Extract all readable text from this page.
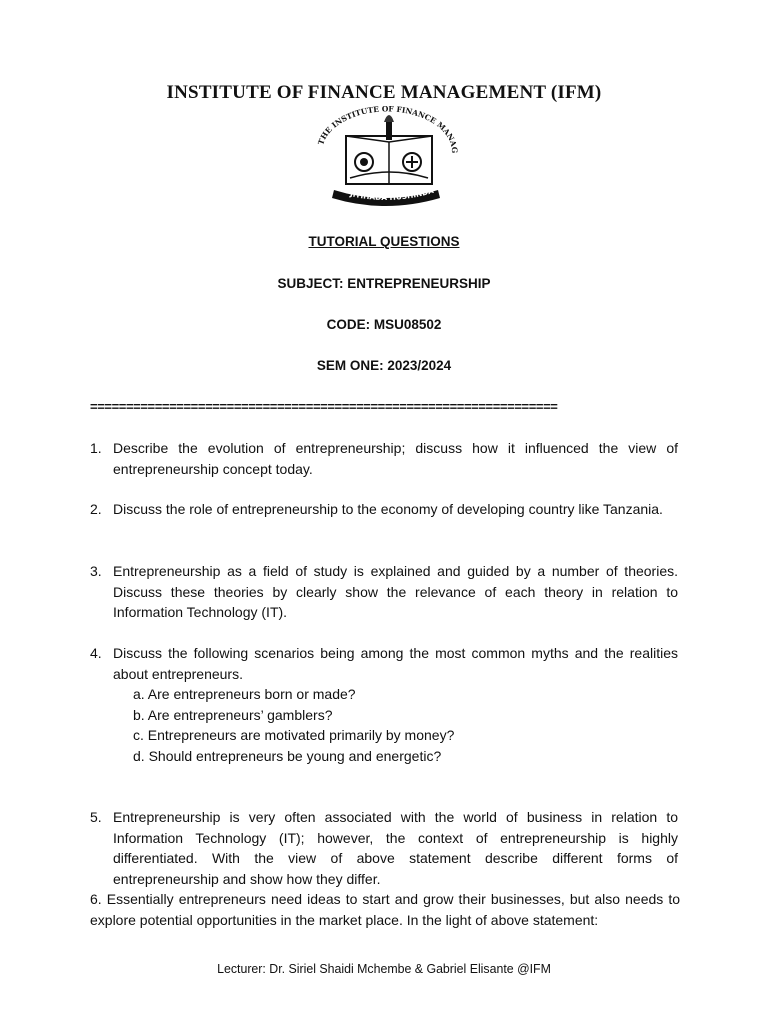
INSTITUTE OF FINANCE MANAGEMENT (IFM)
THE INSTITUTE OF FINANCE MANAG
JITIHADA HUSHINDA
TUTORIAL QUESTIONS
SUBJECT: ENTREPRENEURSHIP
CODE: MSU08502
SEM ONE: 2023/2024
=================================================================
1. Describe the evolution of entrepreneurship; discuss how it influenced the view of entrepreneurship concept today.
2. Discuss the role of entrepreneurship to the economy of developing country like Tanzania.
3. Entrepreneurship as a field of study is explained and guided by a number of theories. Discuss these theories by clearly show the relevance of each theory in relation to Information Technology (IT).
4. Discuss the following scenarios being among the most common myths and the realities about entrepreneurs.
a. Are entrepreneurs born or made?
b. Are entrepreneurs’ gamblers?
c. Entrepreneurs are motivated primarily by money?
d. Should entrepreneurs be young and energetic?
5. Entrepreneurship is very often associated with the world of business in relation to Information Technology (IT); however, the context of entrepreneurship is highly differentiated. With the view of above statement describe different forms of entrepreneurship and show how they differ.
6. Essentially entrepreneurs need ideas to start and grow their businesses, but also needs to explore potential opportunities in the market place. In the light of above statement:
Lecturer: Dr. Siriel Shaidi Mchembe & Gabriel Elisante @IFM
